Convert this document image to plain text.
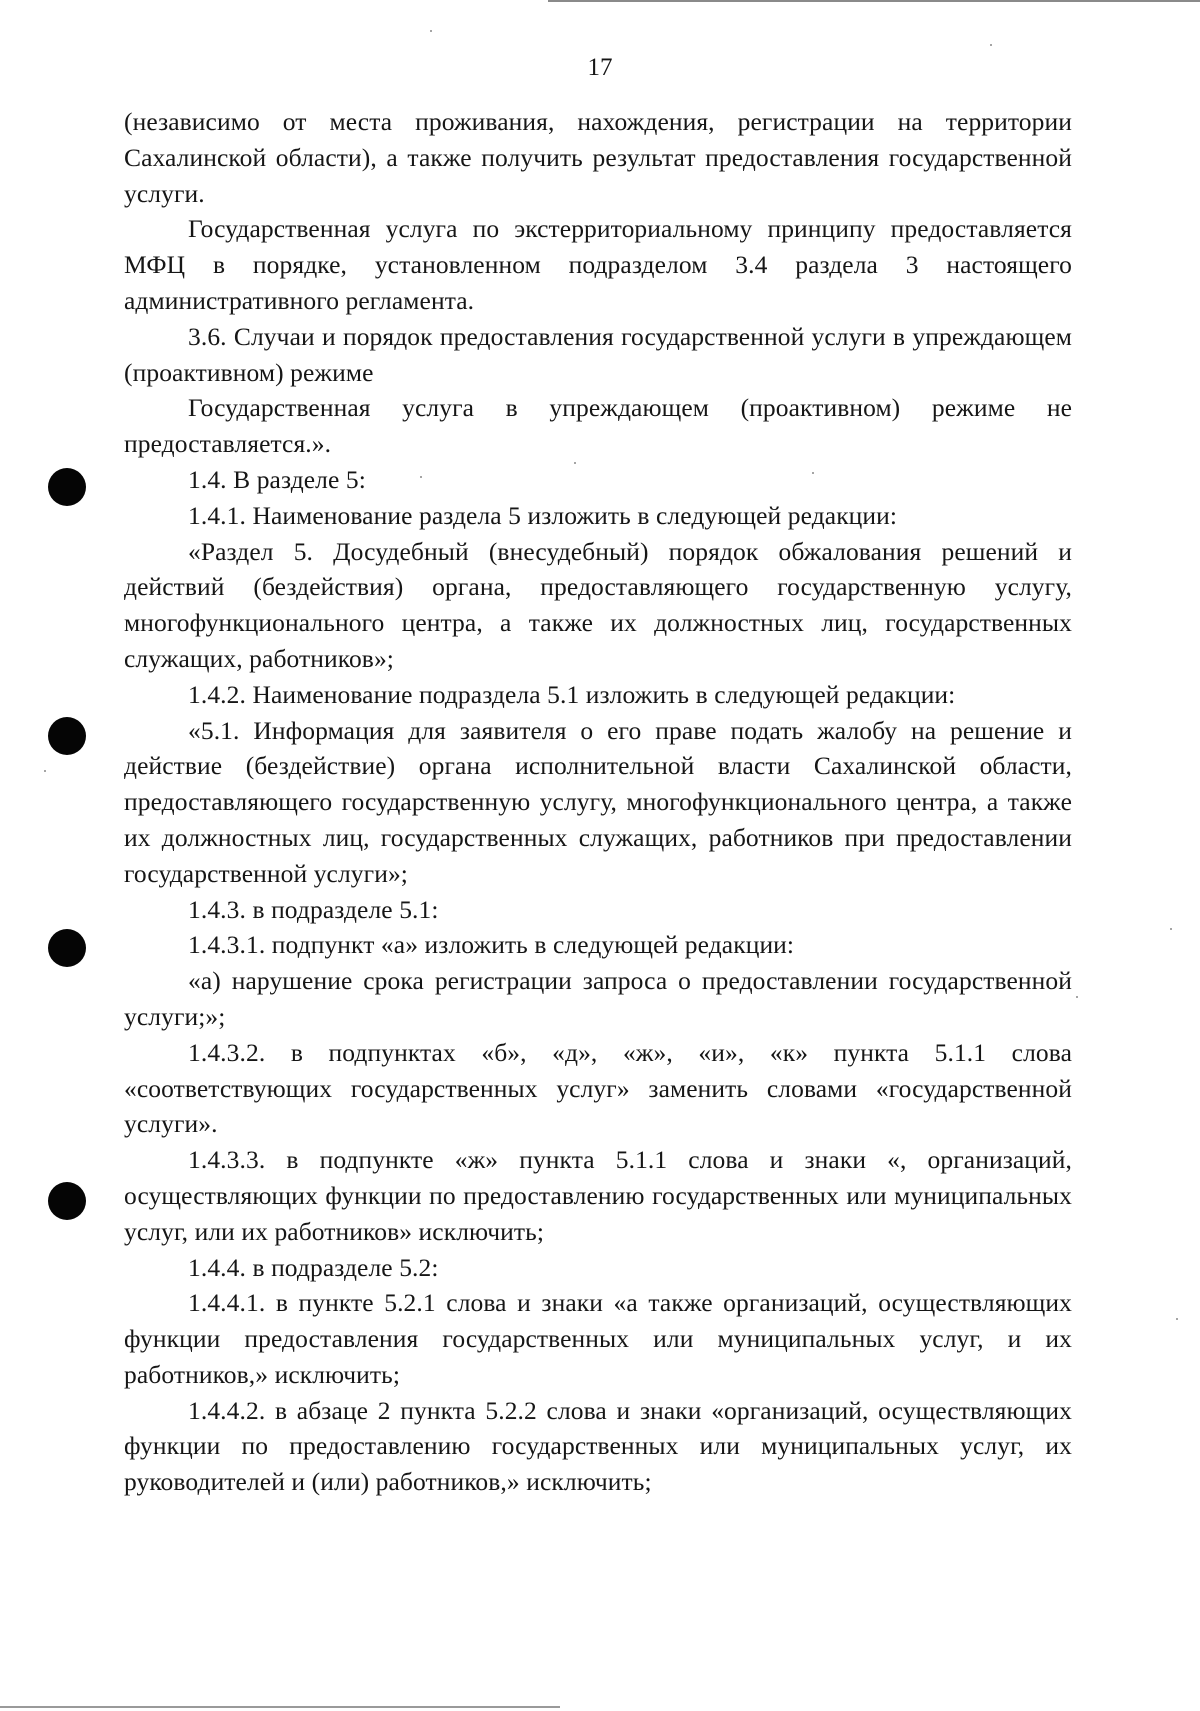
17

(независимо от места проживания, нахождения, регистрации на территории Сахалинской области), а также получить результат предоставления государственной услуги.

Государственная услуга по экстерриториальному принципу предоставляется МФЦ в порядке, установленном подразделом 3.4 раздела 3 настоящего административного регламента.

3.6. Случаи и порядок предоставления государственной услуги в упреждающем (проактивном) режиме

Государственная услуга в упреждающем (проактивном) режиме не предоставляется.».

1.4. В разделе 5:

1.4.1. Наименование раздела 5 изложить в следующей редакции:

«Раздел 5. Досудебный (внесудебный) порядок обжалования решений и действий (бездействия) органа, предоставляющего государственную услугу, многофункционального центра, а также их должностных лиц, государственных служащих, работников»;

1.4.2. Наименование подраздела 5.1 изложить в следующей редакции:

«5.1. Информация для заявителя о его праве подать жалобу на решение и действие (бездействие) органа исполнительной власти Сахалинской области, предоставляющего государственную услугу, многофункционального центра, а также их должностных лиц, государственных служащих, работников при предоставлении государственной услуги»;

1.4.3. в подразделе 5.1:

1.4.3.1. подпункт «а» изложить в следующей редакции:

«а) нарушение срока регистрации запроса о предоставлении государственной услуги;»;

1.4.3.2. в подпунктах «б», «д», «ж», «и», «к» пункта 5.1.1 слова «соответствующих государственных услуг» заменить словами «государственной услуги».

1.4.3.3. в подпункте «ж» пункта 5.1.1 слова и знаки «, организаций, осуществляющих функции по предоставлению государственных или муниципальных услуг, или их работников» исключить;

1.4.4. в подразделе 5.2:

1.4.4.1. в пункте 5.2.1 слова и знаки «а также организаций, осуществляющих функции предоставления государственных или муниципальных услуг, и их работников,» исключить;

1.4.4.2. в абзаце 2 пункта 5.2.2 слова и знаки «организаций, осуществляющих функции по предоставлению государственных или муниципальных услуг, их руководителей и (или) работников,» исключить;
